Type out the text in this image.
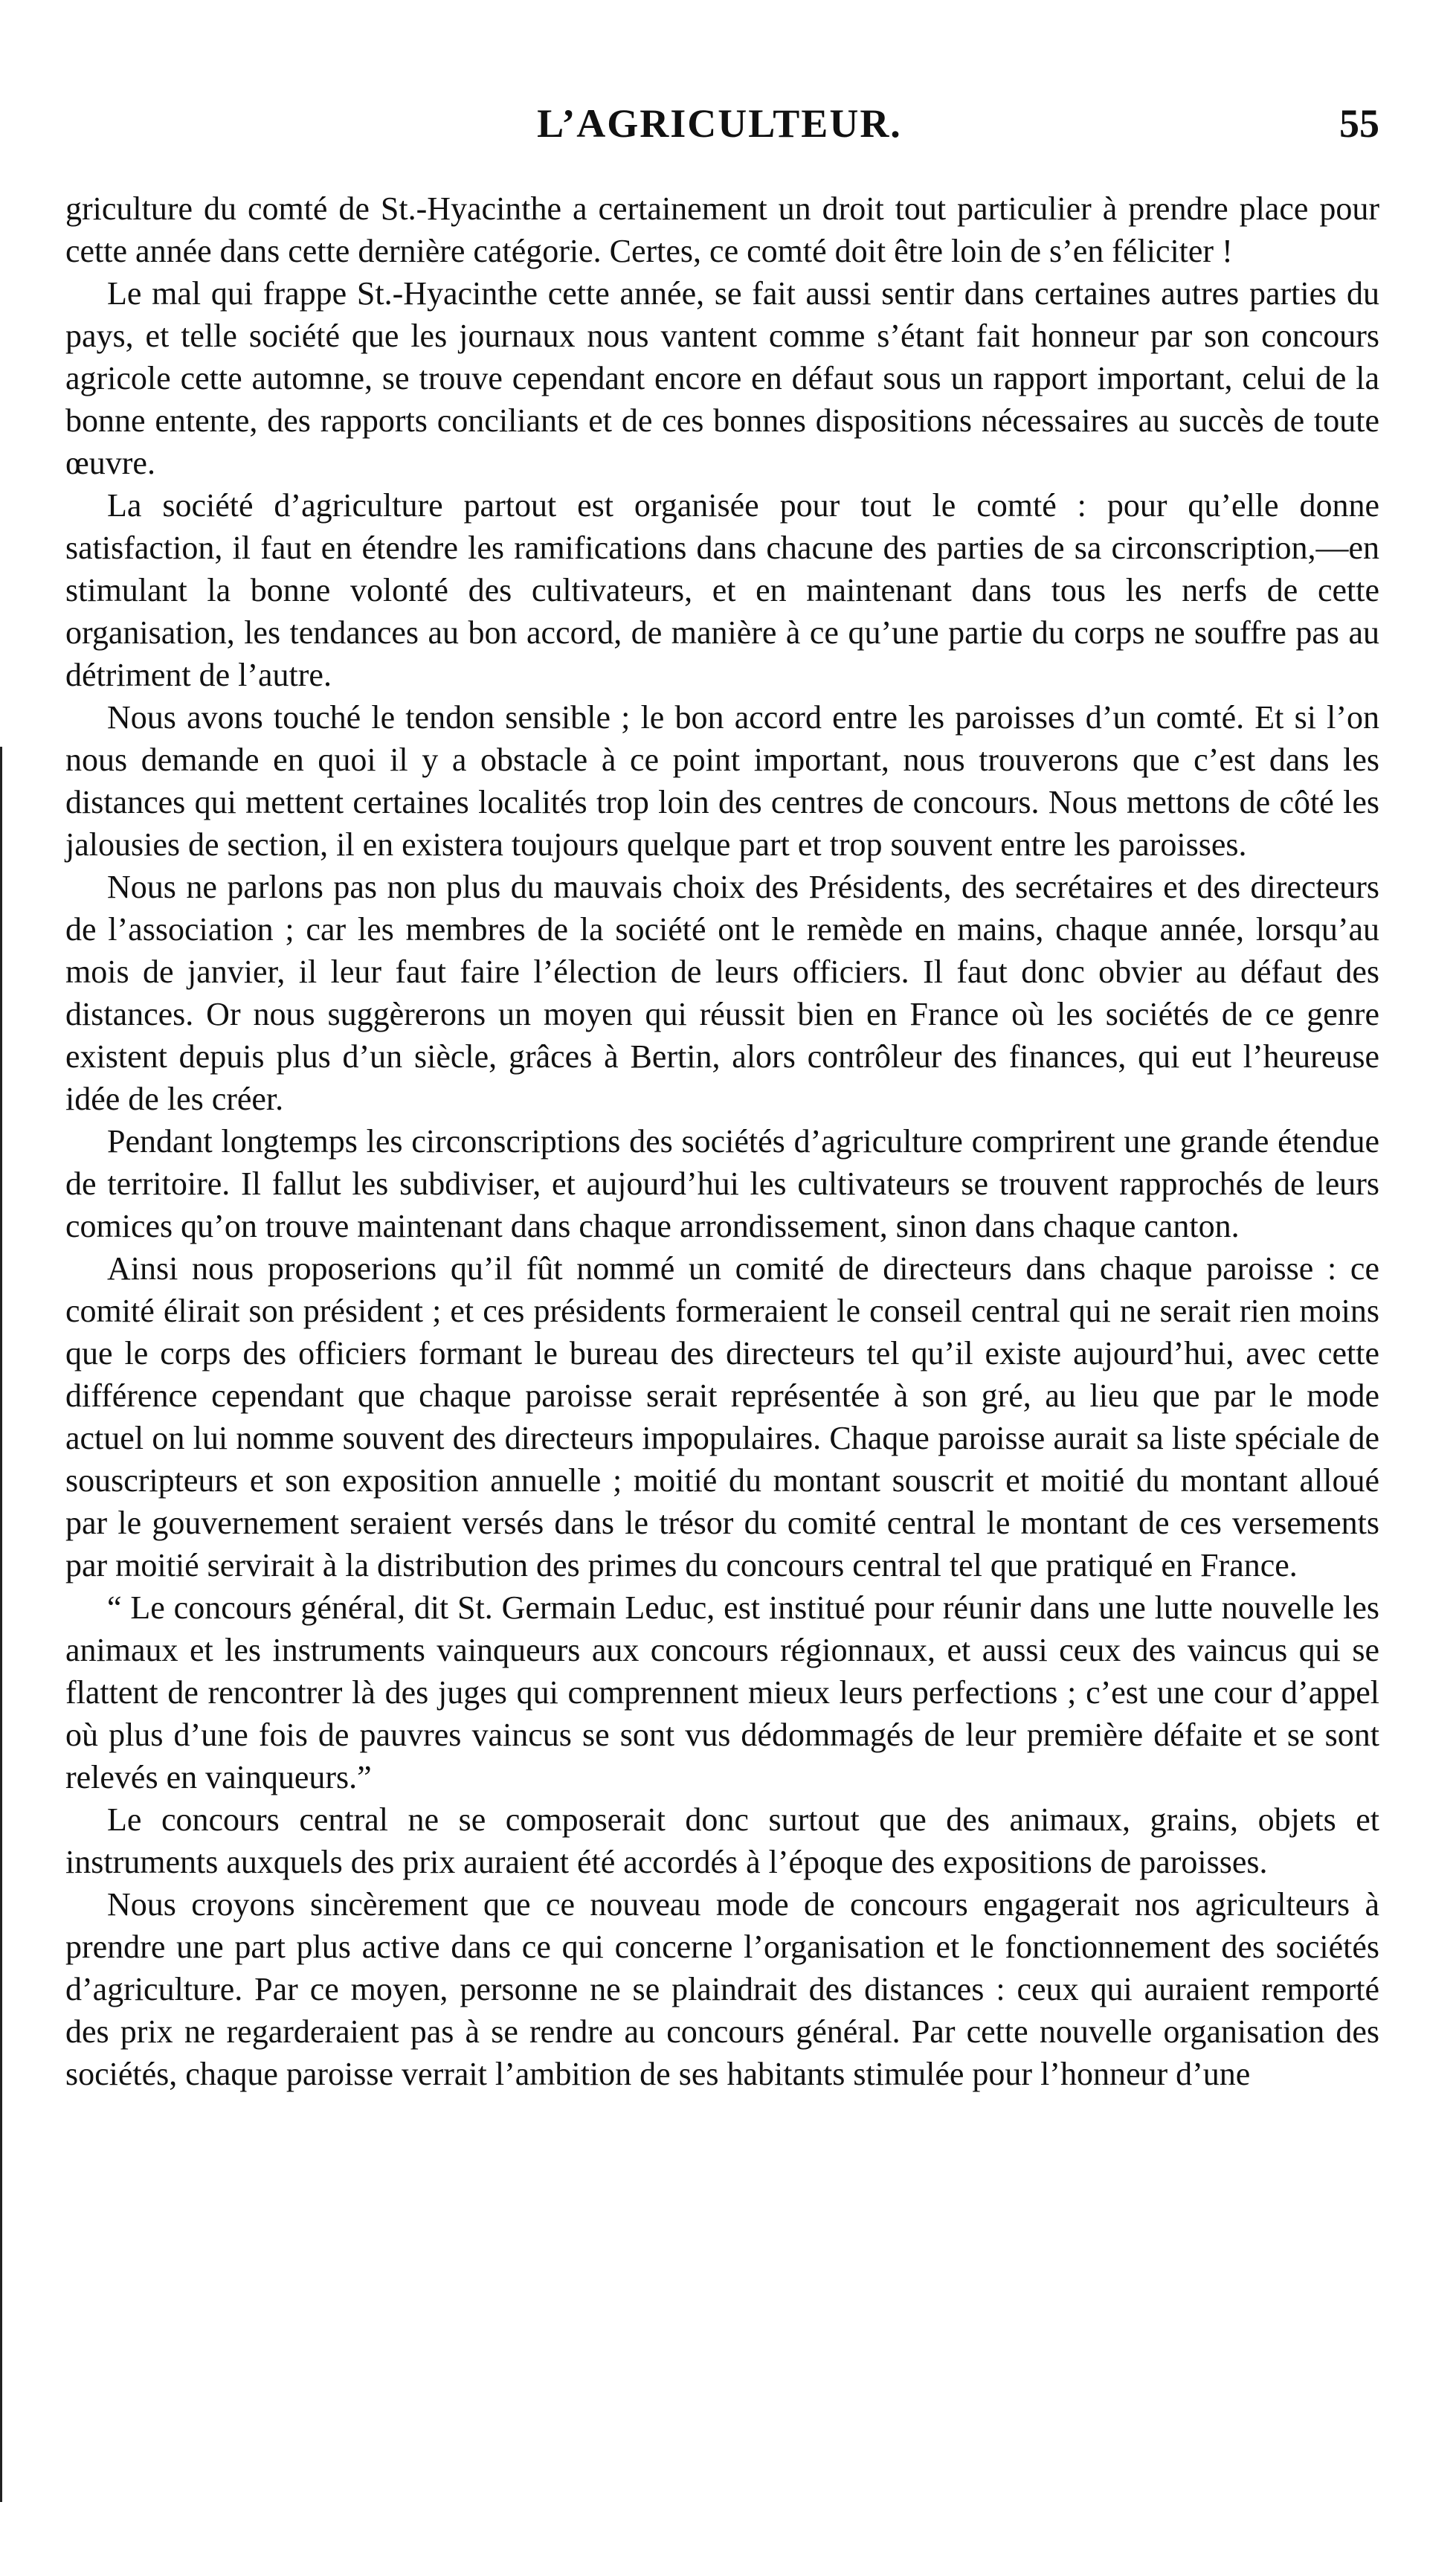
L’AGRICULTEUR.	55

griculture du comté de St.-Hyacinthe a certainement un droit tout particulier à prendre place pour cette année dans cette dernière catégorie. Certes, ce comté doit être loin de s’en féliciter !

Le mal qui frappe St.-Hyacinthe cette année, se fait aussi sentir dans certaines autres parties du pays, et telle société que les journaux nous vantent comme s’étant fait honneur par son concours agricole cette automne, se trouve cependant encore en défaut sous un rapport important, celui de la bonne entente, des rapports conciliants et de ces bonnes dispositions nécessaires au succès de toute œuvre.

La société d’agriculture partout est organisée pour tout le comté : pour qu’elle donne satisfaction, il faut en étendre les ramifications dans chacune des parties de sa circonscription,—en stimulant la bonne volonté des cultivateurs, et en maintenant dans tous les nerfs de cette organisation, les tendances au bon accord, de manière à ce qu’une partie du corps ne souffre pas au détriment de l’autre.

Nous avons touché le tendon sensible ; le bon accord entre les paroisses d’un comté. Et si l’on nous demande en quoi il y a obstacle à ce point important, nous trouverons que c’est dans les distances qui mettent certaines localités trop loin des centres de concours. Nous mettons de côté les jalousies de section, il en existera toujours quelque part et trop souvent entre les paroisses.

Nous ne parlons pas non plus du mauvais choix des Présidents, des secrétaires et des directeurs de l’association ; car les membres de la société ont le remède en mains, chaque année, lorsqu’au mois de janvier, il leur faut faire l’élection de leurs officiers. Il faut donc obvier au défaut des distances. Or nous suggèrerons un moyen qui réussit bien en France où les sociétés de ce genre existent depuis plus d’un siècle, grâces à Bertin, alors contrôleur des finances, qui eut l’heureuse idée de les créer.

Pendant longtemps les circonscriptions des sociétés d’agriculture comprirent une grande étendue de territoire. Il fallut les subdiviser, et aujourd’hui les cultivateurs se trouvent rapprochés de leurs comices qu’on trouve maintenant dans chaque arrondissement, sinon dans chaque canton.

Ainsi nous proposerions qu’il fût nommé un comité de directeurs dans chaque paroisse : ce comité élirait son président ; et ces présidents formeraient le conseil central qui ne serait rien moins que le corps des officiers formant le bureau des directeurs tel qu’il existe aujourd’hui, avec cette différence cependant que chaque paroisse serait représentée à son gré, au lieu que par le mode actuel on lui nomme souvent des directeurs impopulaires. Chaque paroisse aurait sa liste spéciale de souscripteurs et son exposition annuelle ; moitié du montant souscrit et moitié du montant alloué par le gouvernement seraient versés dans le trésor du comité central le montant de ces versements par moitié servirait à la distribution des primes du concours central tel que pratiqué en France.

“ Le concours général, dit St. Germain Leduc, est institué pour réunir dans une lutte nouvelle les animaux et les instruments vainqueurs aux concours régionnaux, et aussi ceux des vaincus qui se flattent de rencontrer là des juges qui comprennent mieux leurs perfections ; c’est une cour d’appel où plus d’une fois de pauvres vaincus se sont vus dédommagés de leur première défaite et se sont relevés en vainqueurs.”

Le concours central ne se composerait donc surtout que des animaux, grains, objets et instruments auxquels des prix auraient été accordés à l’époque des expositions de paroisses.

Nous croyons sincèrement que ce nouveau mode de concours engagerait nos agriculteurs à prendre une part plus active dans ce qui concerne l’organisation et le fonctionnement des sociétés d’agriculture. Par ce moyen, personne ne se plaindrait des distances : ceux qui auraient remporté des prix ne regarderaient pas à se rendre au concours général. Par cette nouvelle organisation des sociétés, chaque paroisse verrait l’ambition de ses habitants stimulée pour l’honneur d’une
